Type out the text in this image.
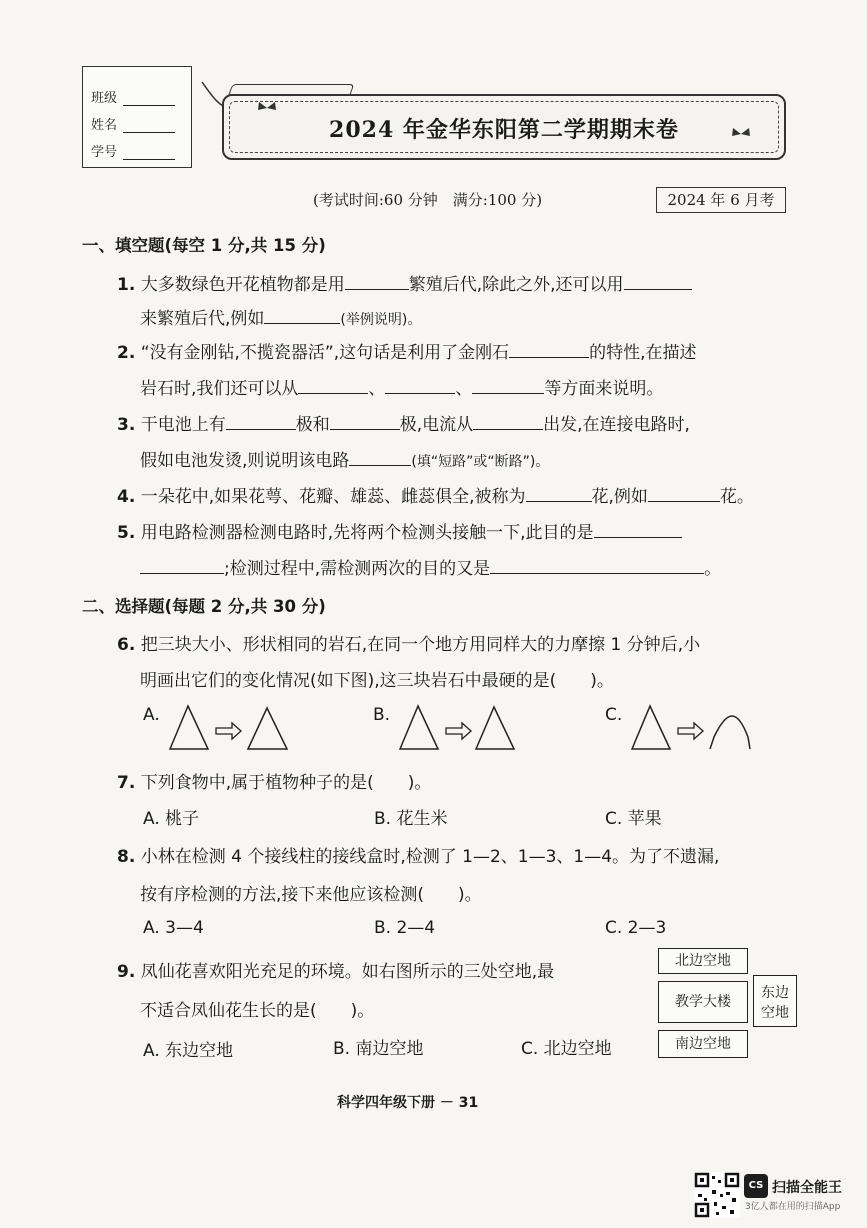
班级
姓名
学号
2024 年金华东阳第二学期期末卷
(考试时间:60 分钟　满分:100 分)	2024 年 6 月考
一、填空题(每空 1 分,共 15 分)
1. 大多数绿色开花植物都是用	繁殖后代,除此之外,还可以用
来繁殖后代,例如	(举例说明)。
2. “没有金刚钻,不揽瓷器活”,这句话是利用了金刚石	的特性,在描述
岩石时,我们还可以从	、	、	等方面来说明。
3. 干电池上有	极和	极,电流从	出发,在连接电路时,
假如电池发烫,则说明该电路	(填“短路”或“断路”)。
4. 一朵花中,如果花萼、花瓣、雄蕊、雌蕊俱全,被称为	花,例如	花。
5. 用电路检测器检测电路时,先将两个检测头接触一下,此目的是
;检测过程中,需检测两次的目的又是	。
二、选择题(每题 2 分,共 30 分)
6. 把三块大小、形状相同的岩石,在同一个地方用同样大的力摩擦 1 分钟后,小
明画出它们的变化情况(如下图),这三块岩石中最硬的是(　　)。
A.	B.	C.
7. 下列食物中,属于植物种子的是(　　)。
A. 桃子	B. 花生米	C. 苹果
8. 小林在检测 4 个接线柱的接线盒时,检测了 1—2、1—3、1—4。为了不遗漏,
按有序检测的方法,接下来他应该检测(　　)。
A. 3—4	B. 2—4	C. 2—3
9. 凤仙花喜欢阳光充足的环境。如右图所示的三处空地,最
不适合凤仙花生长的是(　　)。
A. 东边空地	B. 南边空地	C. 北边空地
北边空地
教学大楼
东边
空地
南边空地
科学四年级下册 － 31
CS 扫描全能王
3亿人都在用的扫描App
